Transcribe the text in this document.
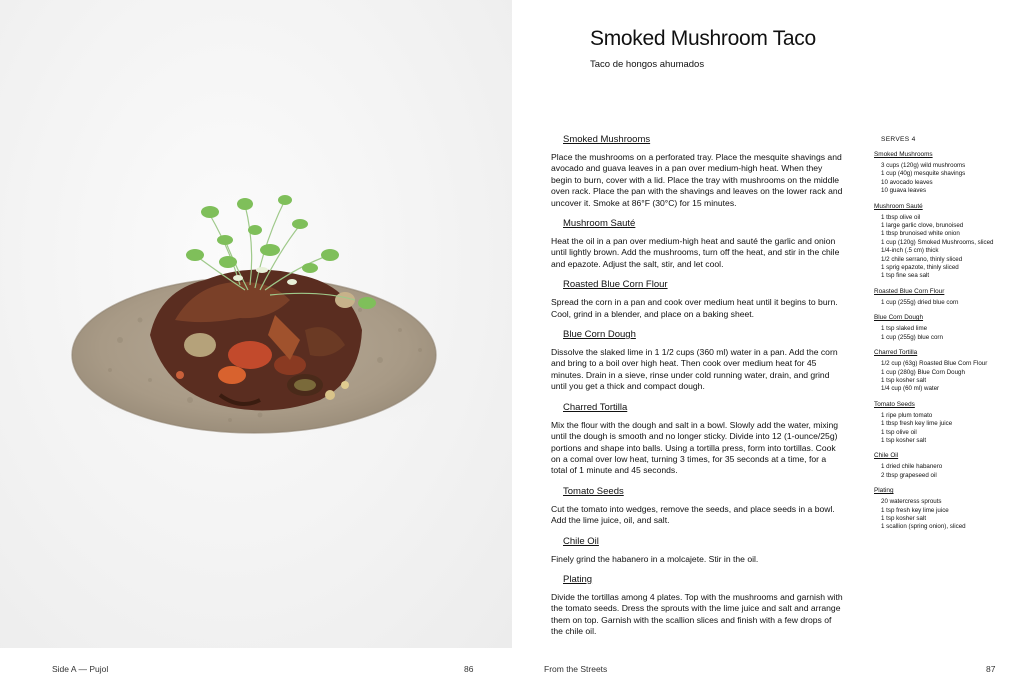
Side A — Pujol	86	From the Streets	87
Smoked Mushroom Taco

Taco de hongos ahumados

Smoked Mushrooms

Place the mushrooms on a perforated tray. Place the mesquite shavings and avocado and guava leaves in a pan over medium-high heat. When they begin to burn, cover with a lid. Place the tray with mushrooms on the middle oven rack. Place the pan with the shavings and leaves on the lower rack and uncover it. Smoke at 86°F (30°C) for 15 minutes.

Mushroom Sauté

Heat the oil in a pan over medium-high heat and sauté the garlic and onion until lightly brown. Add the mushrooms, turn off the heat, and stir in the chile and epazote. Adjust the salt, stir, and let cool.

Roasted Blue Corn Flour

Spread the corn in a pan and cook over medium heat until it begins to burn. Cool, grind in a blender, and place on a baking sheet.

Blue Corn Dough

Dissolve the slaked lime in 1 1/2 cups (360 ml) water in a pan. Add the corn and bring to a boil over high heat. Then cook over medium heat for 45 minutes. Drain in a sieve, rinse under cold running water, drain, and grind until you get a thick and compact dough.

Charred Tortilla

Mix the flour with the dough and salt in a bowl. Slowly add the water, mixing until the dough is smooth and no longer sticky. Divide into 12 (1-ounce/25g) portions and shape into balls. Using a tortilla press, form into tortillas. Cook on a comal over low heat, turning 3 times, for 35 seconds at a time, for a total of 1 minute and 45 seconds.

Tomato Seeds

Cut the tomato into wedges, remove the seeds, and place seeds in a bowl. Add the lime juice, oil, and salt.

Chile Oil

Finely grind the habanero in a molcajete. Stir in the oil.

Plating

Divide the tortillas among 4 plates. Top with the mushrooms and garnish with the tomato seeds. Dress the sprouts with the lime juice and salt and arrange them on top. Garnish with the scallion slices and finish with a few drops of the chile oil.

SERVES 4

Smoked Mushrooms
3 cups (120g) wild mushrooms
1 cup (40g) mesquite shavings
10 avocado leaves
10 guava leaves
Mushroom Sauté
1 tbsp olive oil
1 large garlic clove, brunoised
1 tbsp brunoised white onion
1 cup (120g) Smoked Mushrooms, sliced 1/4-inch (.5 cm) thick
1/2 chile serrano, thinly sliced
1 sprig epazote, thinly sliced
1 tsp fine sea salt
Roasted Blue Corn Flour
1 cup (255g) dried blue corn
Blue Corn Dough
1 tsp slaked lime
1 cup (255g) blue corn
Charred Tortilla
1/2 cup (63g) Roasted Blue Corn Flour
1 cup (280g) Blue Corn Dough
1 tsp kosher salt
1/4 cup (60 ml) water
Tomato Seeds
1 ripe plum tomato
1 tbsp fresh key lime juice
1 tsp olive oil
1 tsp kosher salt
Chile Oil
1 dried chile habanero
2 tbsp grapeseed oil
Plating
20 watercress sprouts
1 tsp fresh key lime juice
1 tsp kosher salt
1 scallion (spring onion), sliced
